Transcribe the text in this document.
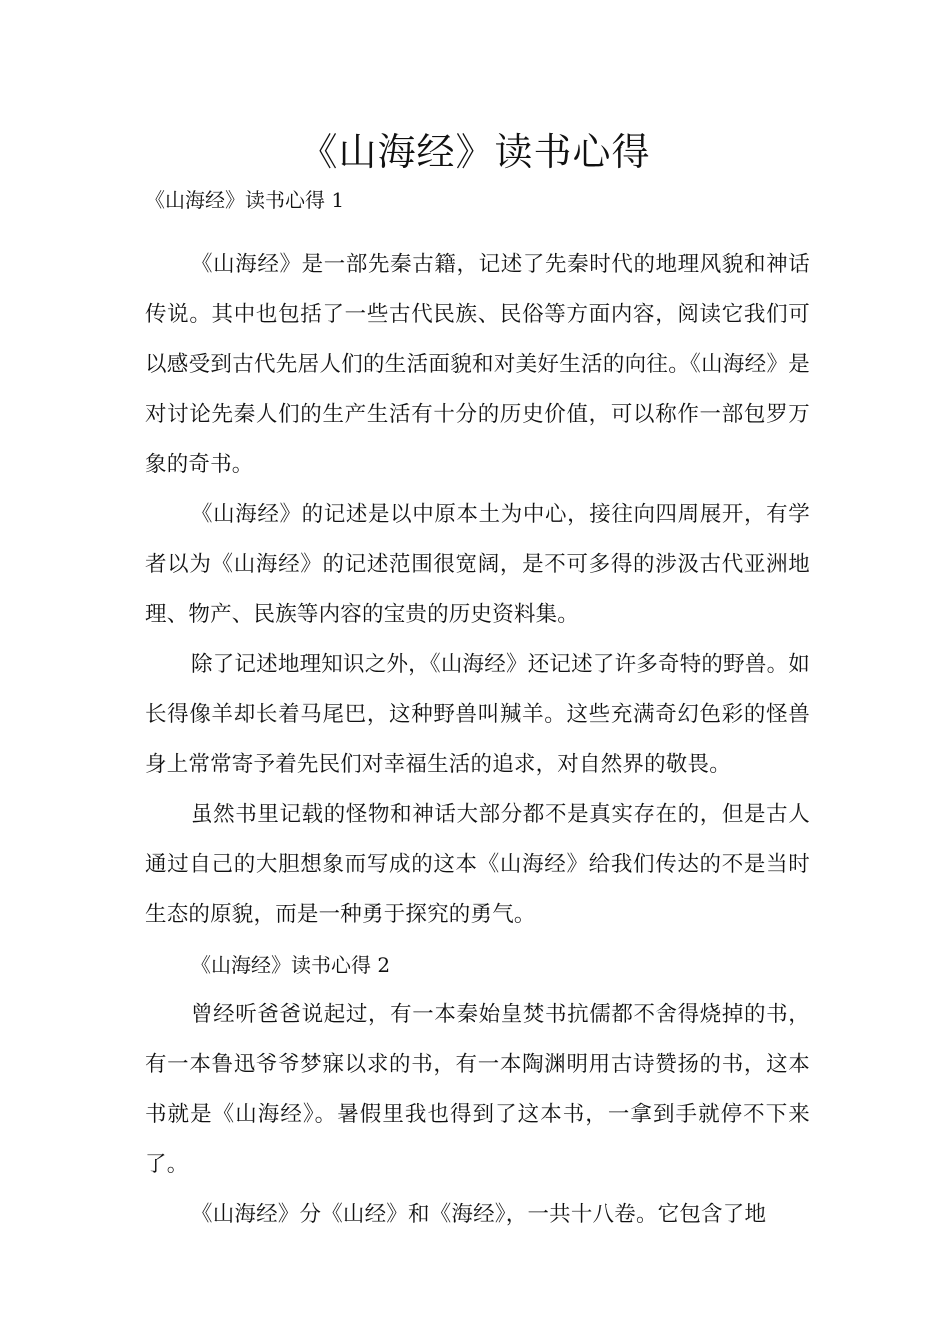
《山海经》读书心得

《山海经》读书心得 1

《山海经》是一部先秦古籍，记述了先秦时代的地理风貌和神话传说。其中也包括了一些古代民族、民俗等方面内容，阅读它我们可以感受到古代先居人们的生活面貌和对美好生活的向往。《山海经》是对讨论先秦人们的生产生活有十分的历史价值，可以称作一部包罗万象的奇书。

《山海经》的记述是以中原本土为中心，接往向四周展开，有学者以为《山海经》的记述范围很宽阔，是不可多得的涉汲古代亚洲地理、物产、民族等内容的宝贵的历史资料集。

除了记述地理知识之外，《山海经》还记述了许多奇特的野兽。如长得像羊却长着马尾巴，这种野兽叫羬羊。这些充满奇幻色彩的怪兽身上常常寄予着先民们对幸福生活的追求，对自然界的敬畏。

虽然书里记载的怪物和神话大部分都不是真实存在的，但是古人通过自己的大胆想象而写成的这本《山海经》给我们传达的不是当时生态的原貌，而是一种勇于探究的勇气。

《山海经》读书心得 2

曾经听爸爸说起过，有一本秦始皇焚书抗儒都不舍得烧掉的书，有一本鲁迅爷爷梦寐以求的书，有一本陶渊明用古诗赞扬的书，这本书就是《山海经》。暑假里我也得到了这本书，一拿到手就停不下来了。

《山海经》分《山经》和《海经》，一共十八卷。它包含了地
